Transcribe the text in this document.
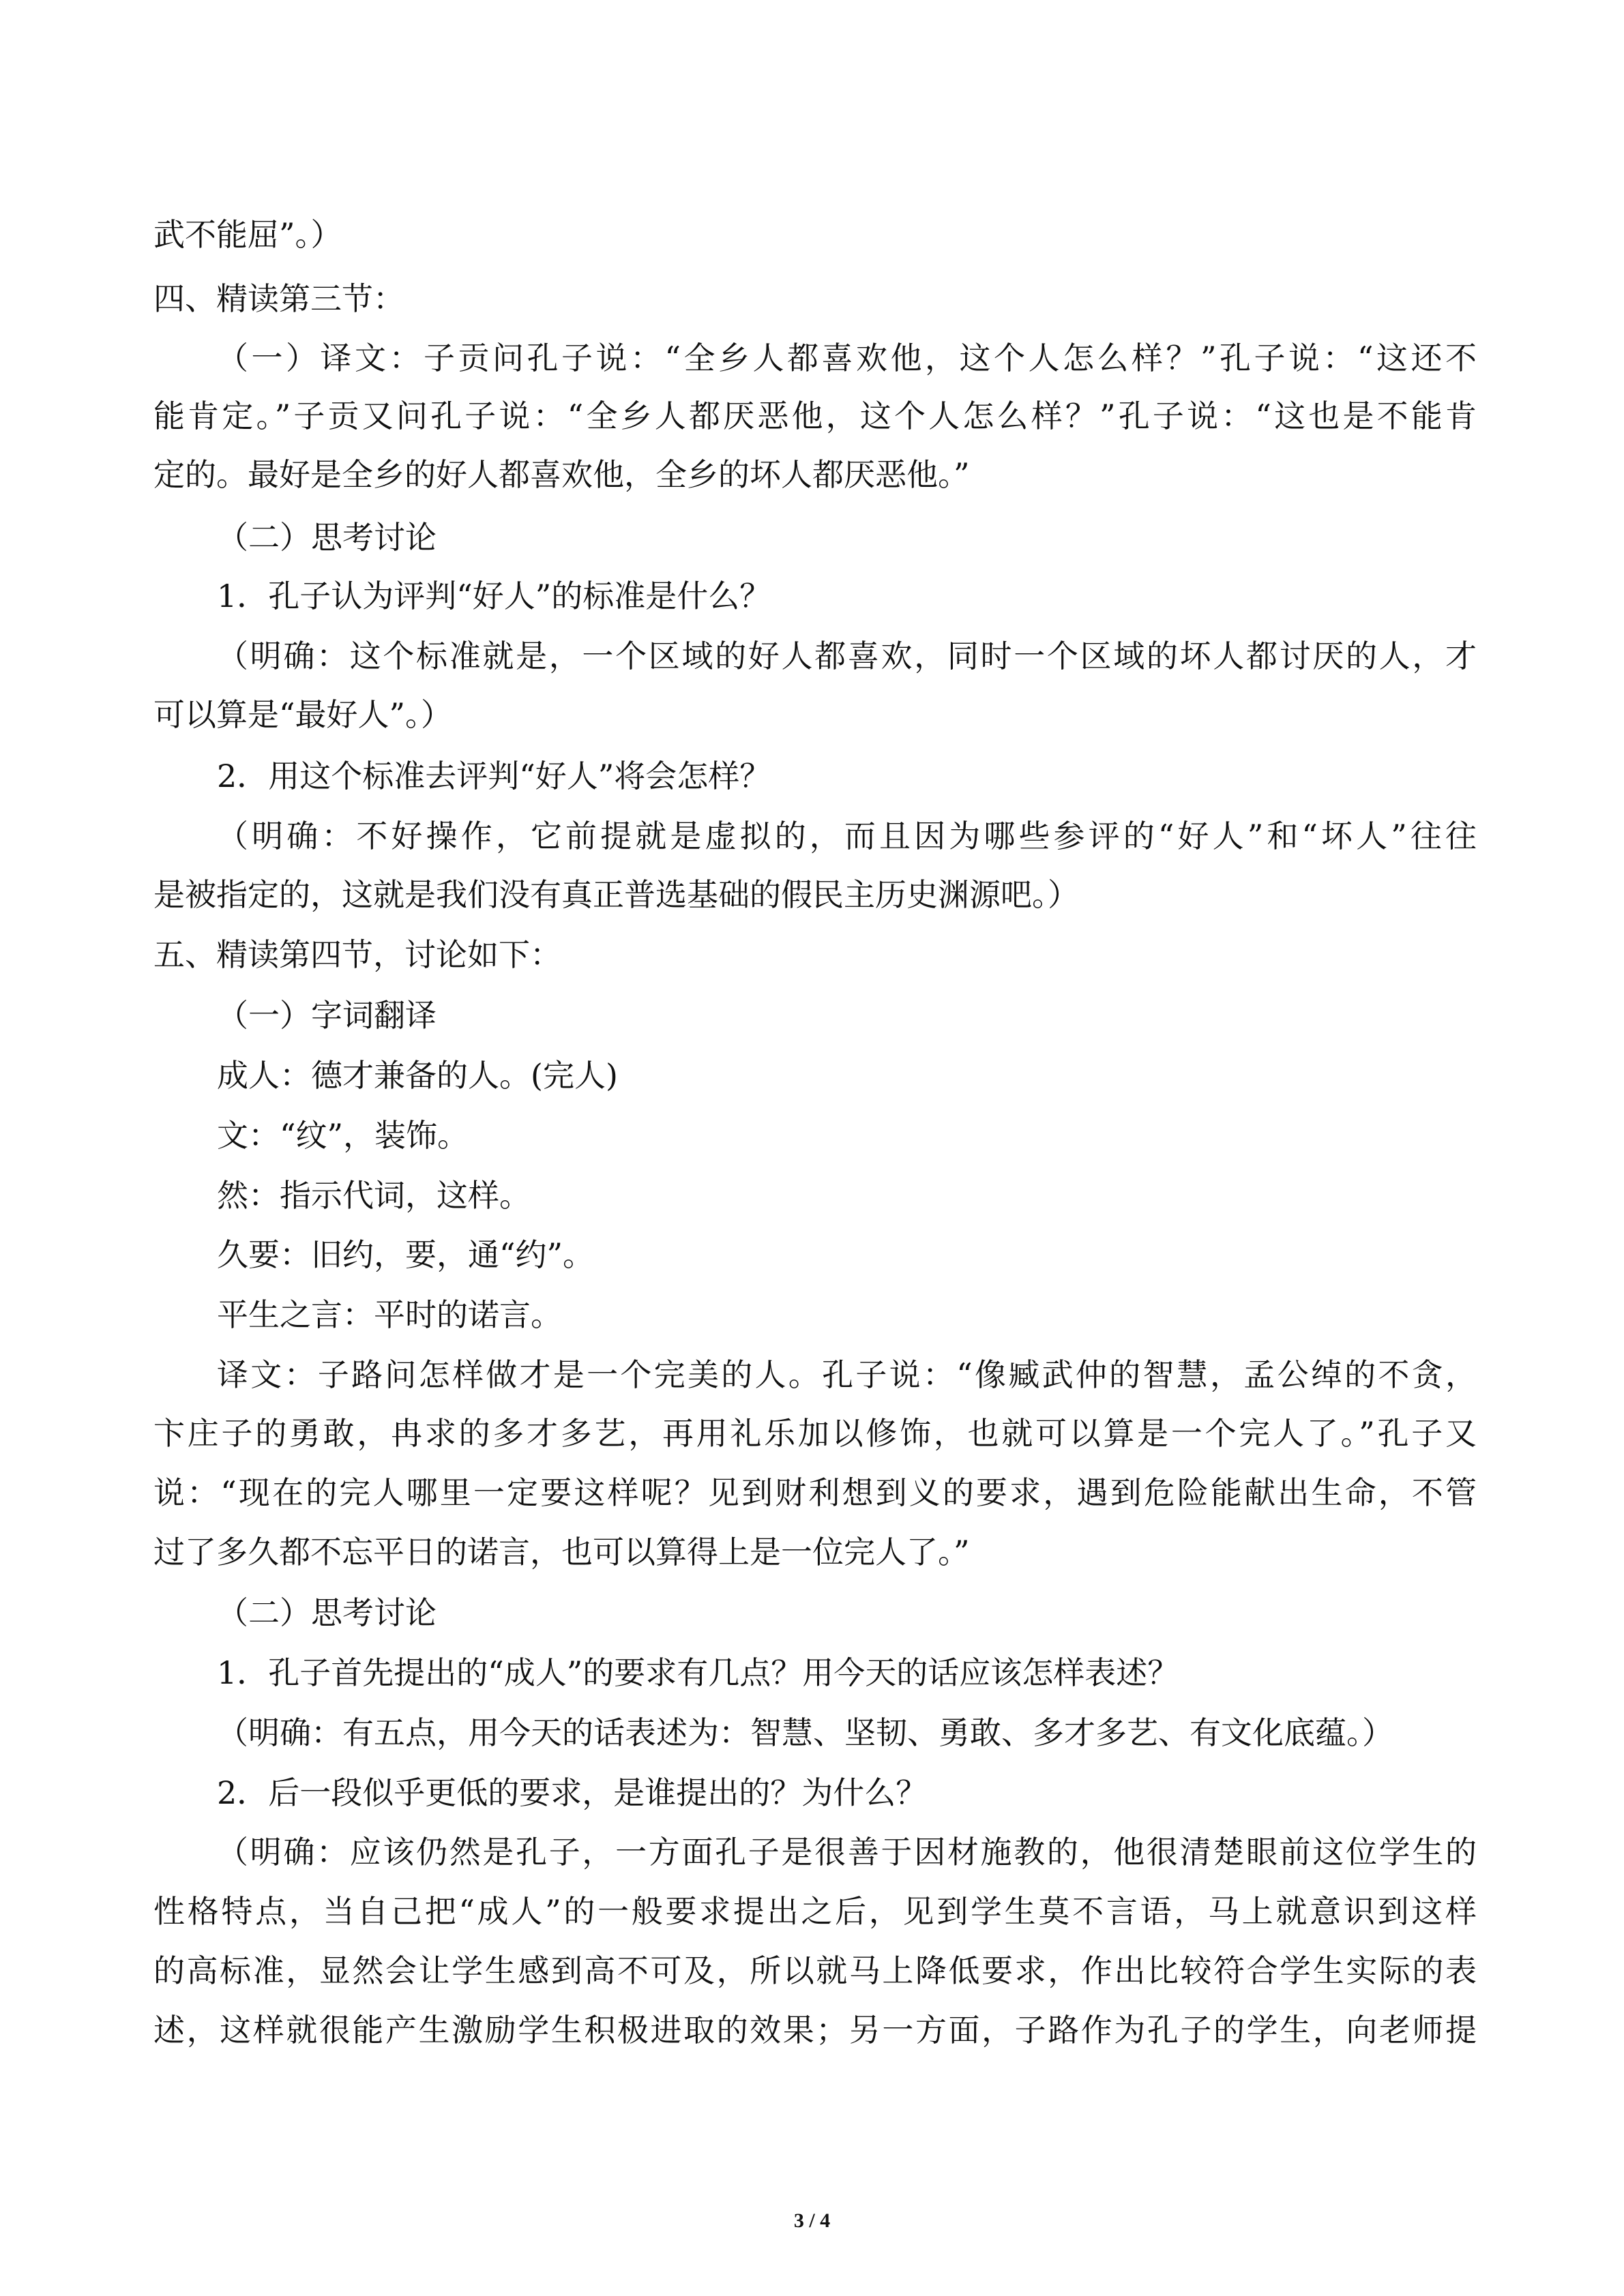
武不能屈”。）
四、精读第三节：
（一）译文：子贡问孔子说：“全乡人都喜欢他，这个人怎么样？”孔子说：“这还不
能肯定。”子贡又问孔子说：“全乡人都厌恶他，这个人怎么样？”孔子说：“这也是不能肯
定的。最好是全乡的好人都喜欢他，全乡的坏人都厌恶他。”
（二）思考讨论
1．孔子认为评判“好人”的标准是什么？
（明确：这个标准就是，一个区域的好人都喜欢，同时一个区域的坏人都讨厌的人，才
可以算是“最好人”。）
2．用这个标准去评判“好人”将会怎样？
（明确：不好操作，它前提就是虚拟的，而且因为哪些参评的“好人”和“坏人”往往
是被指定的，这就是我们没有真正普选基础的假民主历史渊源吧。）
五、精读第四节，讨论如下：
（一）字词翻译
成人：德才兼备的人。(完人)
文：“纹”，装饰。
然：指示代词，这样。
久要：旧约，要，通“约”。
平生之言：平时的诺言。
译文：子路问怎样做才是一个完美的人。孔子说：“像臧武仲的智慧，孟公绰的不贪，
卞庄子的勇敢，冉求的多才多艺，再用礼乐加以修饰，也就可以算是一个完人了。”孔子又
说：“现在的完人哪里一定要这样呢？见到财利想到义的要求，遇到危险能献出生命，不管
过了多久都不忘平日的诺言，也可以算得上是一位完人了。”
（二）思考讨论
1．孔子首先提出的“成人”的要求有几点？用今天的话应该怎样表述？
（明确：有五点，用今天的话表述为：智慧、坚韧、勇敢、多才多艺、有文化底蕴。）
2．后一段似乎更低的要求，是谁提出的？为什么？
（明确：应该仍然是孔子，一方面孔子是很善于因材施教的，他很清楚眼前这位学生的
性格特点，当自己把“成人”的一般要求提出之后，见到学生莫不言语，马上就意识到这样
的高标准，显然会让学生感到高不可及，所以就马上降低要求，作出比较符合学生实际的表
述，这样就很能产生激励学生积极进取的效果；另一方面，子路作为孔子的学生，向老师提
3 / 4
